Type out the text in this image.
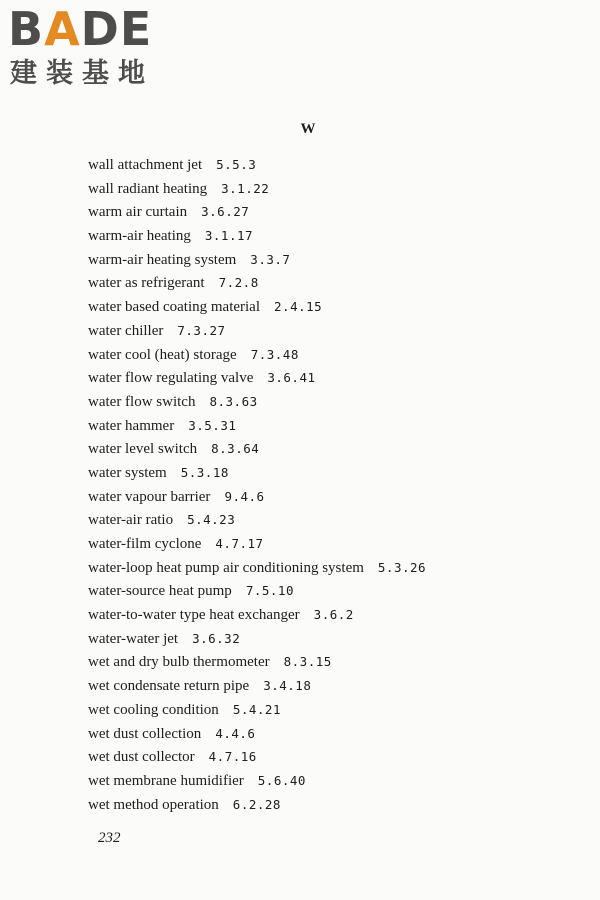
BADE
建装基地
W
wall attachment jet 5.5.3
wall radiant heating 3.1.22
warm air curtain 3.6.27
warm-air heating 3.1.17
warm-air heating system 3.3.7
water as refrigerant 7.2.8
water based coating material 2.4.15
water chiller 7.3.27
water cool (heat) storage 7.3.48
water flow regulating valve 3.6.41
water flow switch 8.3.63
water hammer 3.5.31
water level switch 8.3.64
water system 5.3.18
water vapour barrier 9.4.6
water-air ratio 5.4.23
water-film cyclone 4.7.17
water-loop heat pump air conditioning system 5.3.26
water-source heat pump 7.5.10
water-to-water type heat exchanger 3.6.2
water-water jet 3.6.32
wet and dry bulb thermometer 8.3.15
wet condensate return pipe 3.4.18
wet cooling condition 5.4.21
wet dust collection 4.4.6
wet dust collector 4.7.16
wet membrane humidifier 5.6.40
wet method operation 6.2.28
232
